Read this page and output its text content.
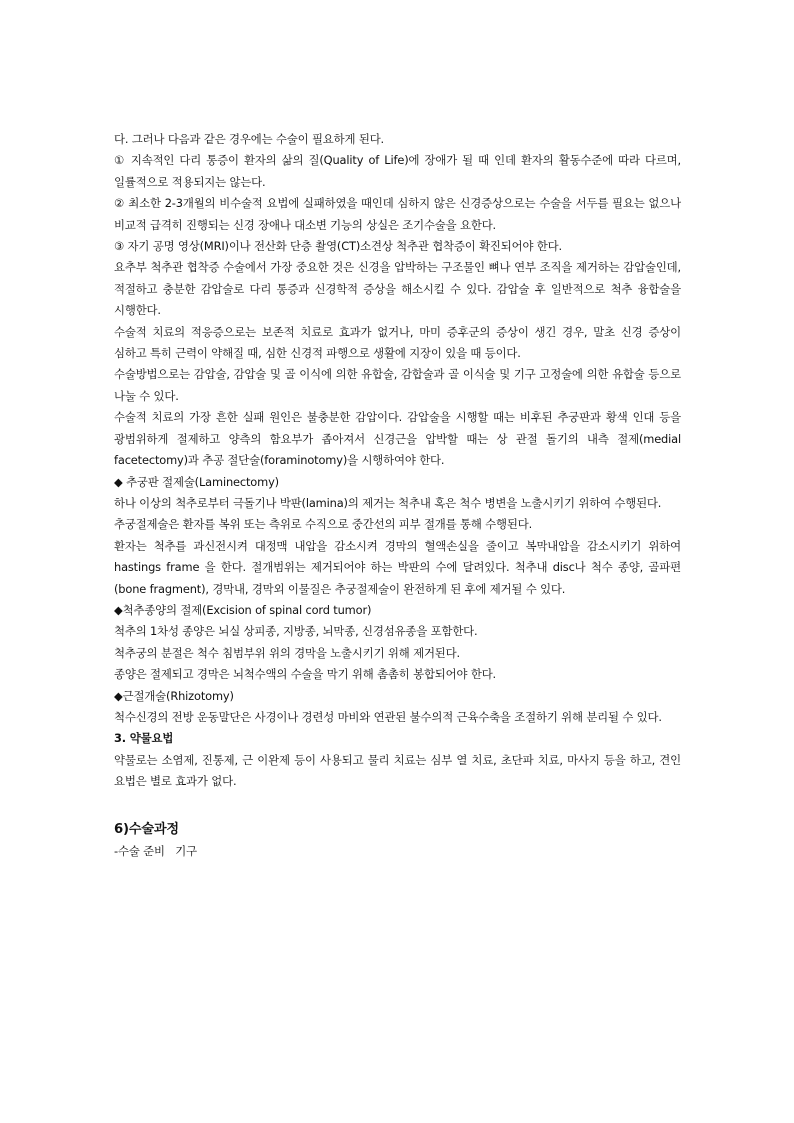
다. 그러나 다음과 같은 경우에는 수술이 필요하게 된다.

① 지속적인 다리 통증이 환자의 삶의 질(Quality of Life)에 장애가 될 때 인데 환자의 활동수준에 따라 다르며, 일률적으로 적용되지는 않는다.

② 최소한 2-3개월의 비수술적 요법에 실패하였을 때인데 심하지 않은 신경증상으로는 수술을 서두를 필요는 없으나 비교적 급격히 진행되는 신경 장애나 대소변 기능의 상실은 조기수술을 요한다.

③ 자기 공명 영상(MRI)이나 전산화 단층 촬영(CT)소견상 척추관 협착증이 확진되어야 한다.

요추부 척추관 협착증 수술에서 가장 중요한 것은 신경을 압박하는 구조물인 뼈나 연부 조직을 제거하는 감압술인데, 적절하고 충분한 감압술로 다리 통증과 신경학적 증상을 해소시킬 수 있다. 감압술 후 일반적으로 척추 융합술을 시행한다.

수술적 치료의 적응증으로는 보존적 치료로 효과가 없거나, 마미 증후군의 증상이 생긴 경우, 말초 신경 증상이 심하고 특히 근력이 약해질 때, 심한 신경적 파행으로 생활에 지장이 있을 때 등이다.

수술방법으로는 감압술, 감압술 및 골 이식에 의한 유합술, 감합술과 골 이식술 및 기구 고정술에 의한 유합술 등으로 나눌 수 있다.

수술적 치료의 가장 흔한 실패 원인은 불충분한 감압이다. 감압술을 시행할 때는 비후된 추궁판과 황색 인대 등을 광범위하게 절제하고 양측의 함요부가 좁아져서 신경근을 압박할 때는 상 관절 돌기의 내측 절제(medial facetectomy)과 추공 절단술(foraminotomy)을 시행하여야 한다.

◆ 추궁판 절제술(Laminectomy)

하나 이상의 척추로부터 극돌기나 박판(lamina)의 제거는 척추내 혹은 척수 병변을 노출시키기 위하여 수행된다.

추궁절제술은 환자를 복위 또는 측위로 수직으로 중간선의 피부 절개를 통해 수행된다.

환자는 척추를 과신전시켜 대정맥 내압을 감소시켜 경막의 혈액손실을 줄이고 복막내압을 감소시키기 위하여 hastings frame 을 한다. 절개범위는 제거되어야 하는 박판의 수에 달려있다. 척추내 disc나 척수 종양, 골파편(bone fragment), 경막내, 경막외 이물질은 추궁절제술이 완전하게 된 후에 제거될 수 있다.

◆척추종양의 절제(Excision of spinal cord tumor)

척추의 1차성 종양은 뇌실 상피종, 지방종, 뇌막종, 신경섬유종을 포함한다.

척추궁의 분절은 척수 침범부위 위의 경막을 노출시키기 위해 제거된다.

종양은 절제되고 경막은 뇌척수액의 수술을 막기 위해 촘촘히 봉합되어야 한다.

◆근절개술(Rhizotomy)

척수신경의 전방 운동말단은 사경이나 경련성 마비와 연관된 불수의적 근육수축을 조절하기 위해 분리될 수 있다.

3. 약물요법

약물로는 소염제, 진통제, 근 이완제 등이 사용되고 물리 치료는 심부 열 치료, 초단파 치료, 마사지 등을 하고, 견인 요법은 별로 효과가 없다.

6)수술과정

-수술 준비   기구
